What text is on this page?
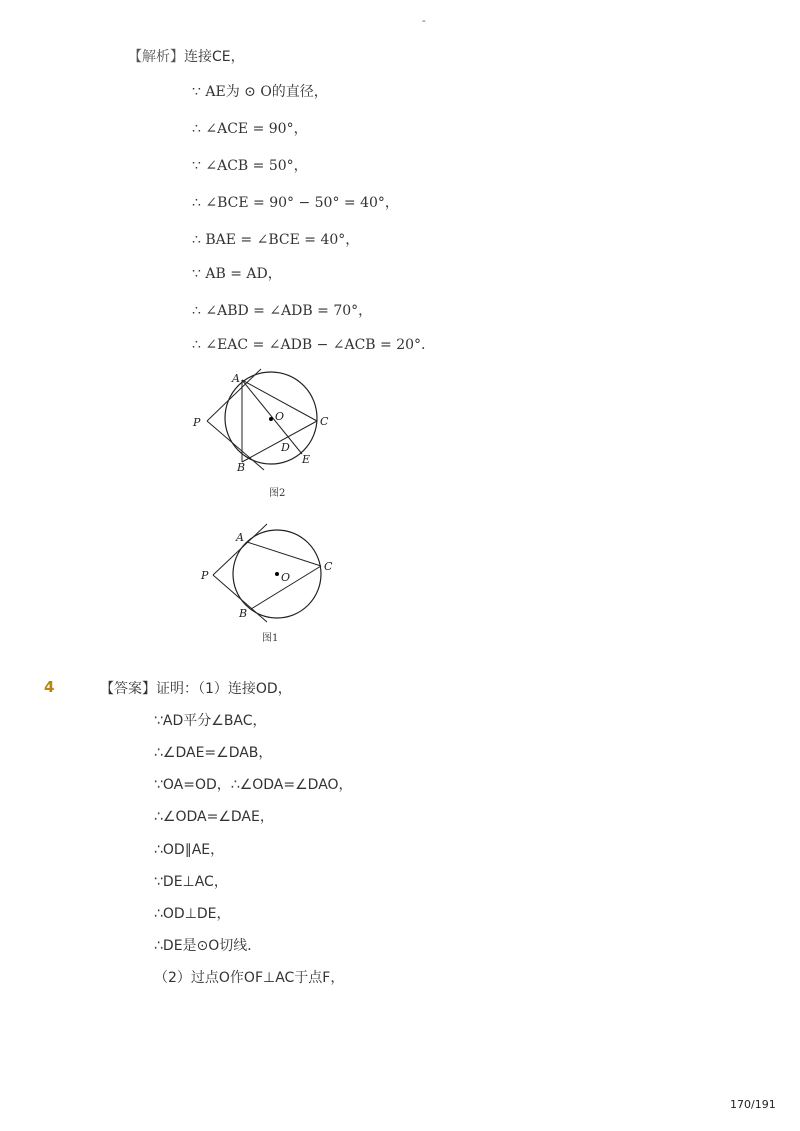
-
【解析】连接CE，
∵ AE为 ⊙ O的直径，
∴ ∠ACE = 90°，
∵ ∠ACB = 50°，
∴ ∠BCE = 90° − 50° = 40°，
∴ BAE = ∠BCE = 40°，
∵ AB = AD，
∴ ∠ABD = ∠ADB = 70°，
∴ ∠EAC = ∠ADB − ∠ACB = 20°.
A
P	O	C
D
E
B
图2
A
P	O
C
B
图1
4	【答案】证明：（1）连接OD，
∵AD平分∠BAC，
∴∠DAE=∠DAB，
∵OA=OD，∴∠ODA=∠DAO，
∴∠ODA=∠DAE，
∴OD∥AE，
∵DE⊥AC，
∴OD⊥DE，
∴DE是⊙O切线．
（2）过点O作OF⊥AC于点F，
170/191
